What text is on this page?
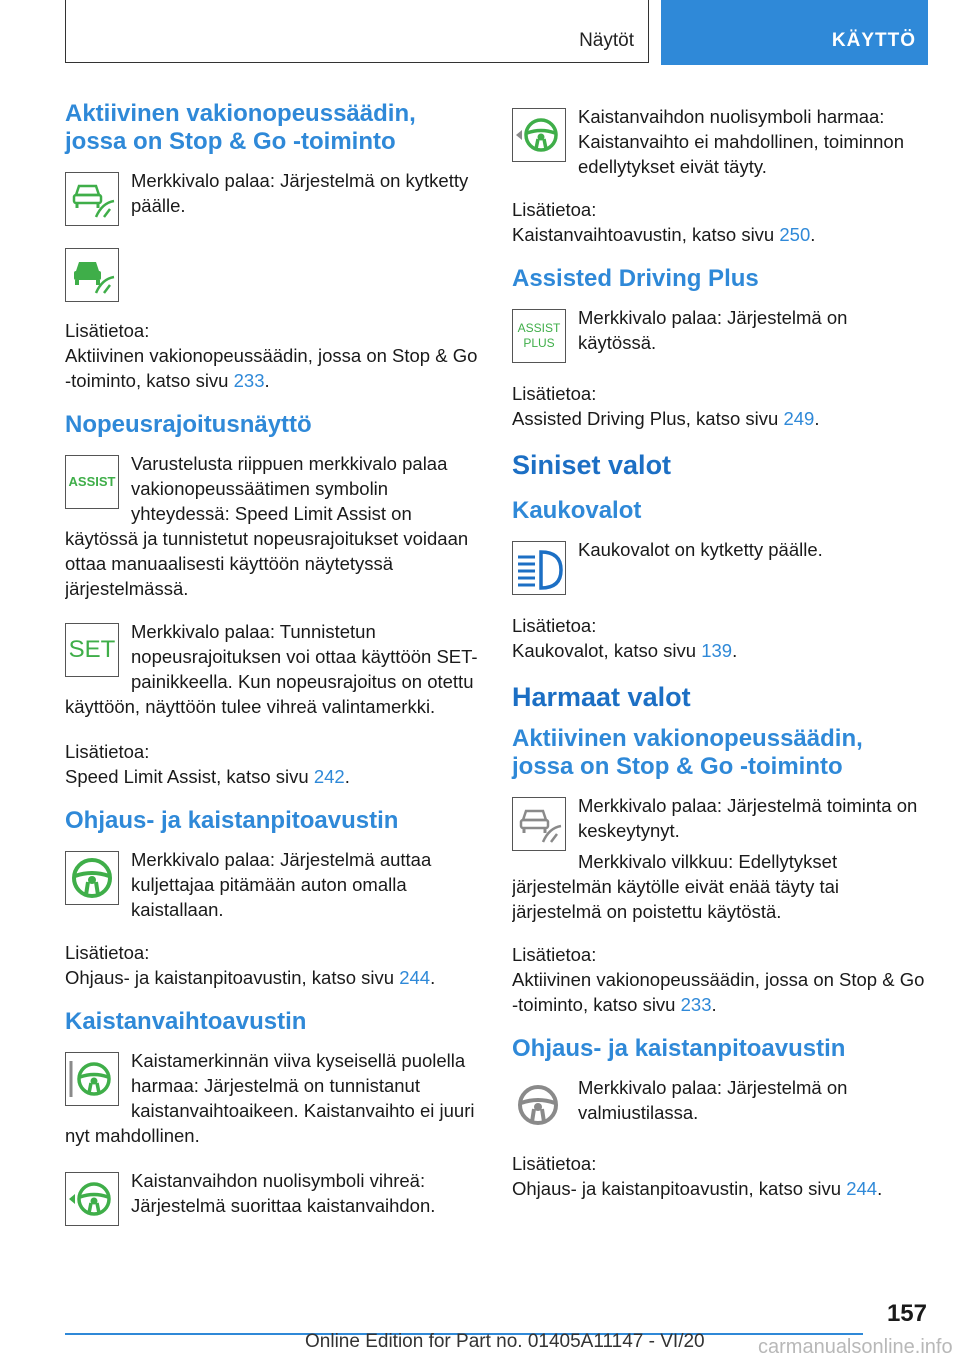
Näytöt	KÄYTTÖ
Aktiivinen vakionopeussäädin, jossa on Stop & Go -toiminto

Merkkivalo palaa: Järjestelmä on kytketty päälle.

Lisätietoa:

Aktiivinen vakionopeussäädin, jossa on Stop & Go -toiminto, katso sivu 233.

Nopeusrajoitusnäyttö
ASSIST

Varustelusta riippuen merkkivalo palaa vakionopeussäätimen symbolin yhteydessä: Speed Limit Assist on käytössä ja tunnistetut nopeusrajoitukset voidaan ottaa manuaalisesti käyttöön näytetyssä järjestelmässä.

SET

Merkkivalo palaa: Tunnistetun nopeusrajoituksen voi ottaa käyttöön SET-painikkeella. Kun nopeusrajoitus on otettu käyttöön, näyttöön tulee vihreä valintamerkki.

Lisätietoa:

Speed Limit Assist, katso sivu 242.

Ohjaus- ja kaistanpitoavustin

Merkkivalo palaa: Järjestelmä auttaa kuljettajaa pitämään auton omalla kaistallaan.

Lisätietoa:

Ohjaus- ja kaistanpitoavustin, katso sivu 244.

Kaistanvaihtoavustin

Kaistamerkinnän viiva kyseisellä puolella harmaa: Järjestelmä on tunnistanut kaistanvaihtoaikeen. Kaistanvaihto ei juuri nyt mahdollinen.

Kaistanvaihdon nuolisymboli vihreä: Järjestelmä suorittaa kaistanvaihdon.

Kaistanvaihdon nuolisymboli harmaa: Kaistanvaihto ei mahdollinen, toiminnon edellytykset eivät täyty.

Lisätietoa:

Kaistanvaihtoavustin, katso sivu 250.

Assisted Driving Plus
ASSIST PLUS

Merkkivalo palaa: Järjestelmä on käytössä.

Lisätietoa:

Assisted Driving Plus, katso sivu 249.

Siniset valot
Kaukovalot

Kaukovalot on kytketty päälle.

Lisätietoa:

Kaukovalot, katso sivu 139.

Harmaat valot
Aktiivinen vakionopeussäädin, jossa on Stop & Go -toiminto

Merkkivalo palaa: Järjestelmä toiminta on keskeytynyt.

Merkkivalo vilkkuu: Edellytykset järjestelmän käytölle eivät enää täyty tai järjestelmä on poistettu käytöstä.

Lisätietoa:

Aktiivinen vakionopeussäädin, jossa on Stop & Go -toiminto, katso sivu 233.

Ohjaus- ja kaistanpitoavustin

Merkkivalo palaa: Järjestelmä on valmiustilassa.

Lisätietoa:

Ohjaus- ja kaistanpitoavustin, katso sivu 244.

157
Online Edition for Part no. 01405A11147 - VI/20	carmanualsonline.info
